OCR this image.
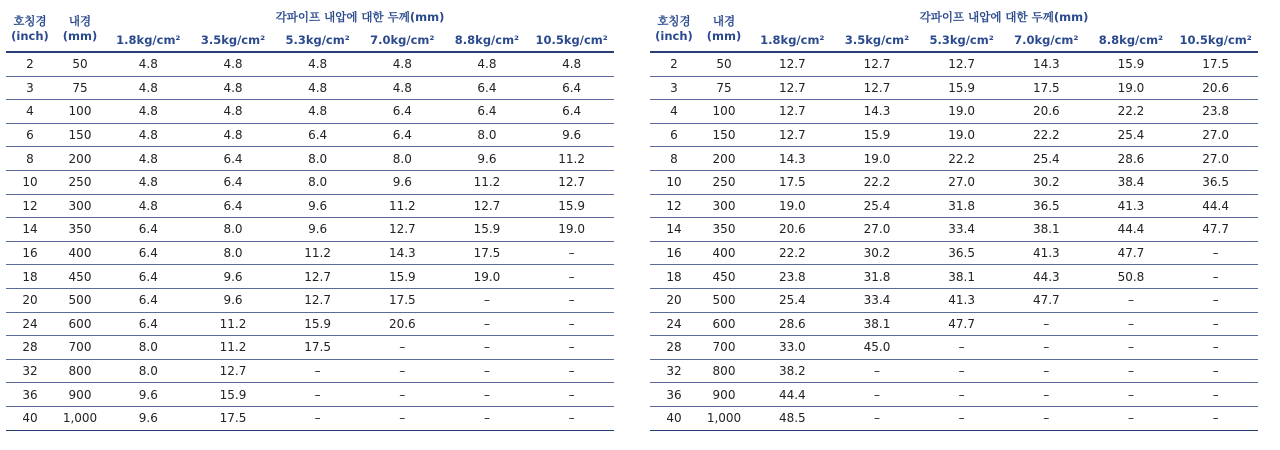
호칭경
(inch)	내경
(mm)	각파이프 내압에 대한 두께(mm)					
		1.8kg/cm²	3.5kg/cm²	5.3kg/cm²	7.0kg/cm²	8.8kg/cm²	10.5kg/cm²
2	50	4.8	4.8	4.8	4.8	4.8	4.8
3	75	4.8	4.8	4.8	4.8	6.4	6.4
4	100	4.8	4.8	4.8	6.4	6.4	6.4
6	150	4.8	4.8	6.4	6.4	8.0	9.6
8	200	4.8	6.4	8.0	8.0	9.6	11.2
10	250	4.8	6.4	8.0	9.6	11.2	12.7
12	300	4.8	6.4	9.6	11.2	12.7	15.9
14	350	6.4	8.0	9.6	12.7	15.9	19.0
16	400	6.4	8.0	11.2	14.3	17.5	–
18	450	6.4	9.6	12.7	15.9	19.0	–
20	500	6.4	9.6	12.7	17.5	–	–
24	600	6.4	11.2	15.9	20.6	–	–
28	700	8.0	11.2	17.5	–	–	–
32	800	8.0	12.7	–	–	–	–
36	900	9.6	15.9	–	–	–	–
40	1,000	9.6	17.5	–	–	–	–
호칭경
(inch)	내경
(mm)	각파이프 내압에 대한 두께(mm)					
		1.8kg/cm²	3.5kg/cm²	5.3kg/cm²	7.0kg/cm²	8.8kg/cm²	10.5kg/cm²
2	50	12.7	12.7	12.7	14.3	15.9	17.5
3	75	12.7	12.7	15.9	17.5	19.0	20.6
4	100	12.7	14.3	19.0	20.6	22.2	23.8
6	150	12.7	15.9	19.0	22.2	25.4	27.0
8	200	14.3	19.0	22.2	25.4	28.6	27.0
10	250	17.5	22.2	27.0	30.2	38.4	36.5
12	300	19.0	25.4	31.8	36.5	41.3	44.4
14	350	20.6	27.0	33.4	38.1	44.4	47.7
16	400	22.2	30.2	36.5	41.3	47.7	–
18	450	23.8	31.8	38.1	44.3	50.8	–
20	500	25.4	33.4	41.3	47.7	–	–
24	600	28.6	38.1	47.7	–	–	–
28	700	33.0	45.0	–	–	–	–
32	800	38.2	–	–	–	–	–
36	900	44.4	–	–	–	–	–
40	1,000	48.5	–	–	–	–	–
